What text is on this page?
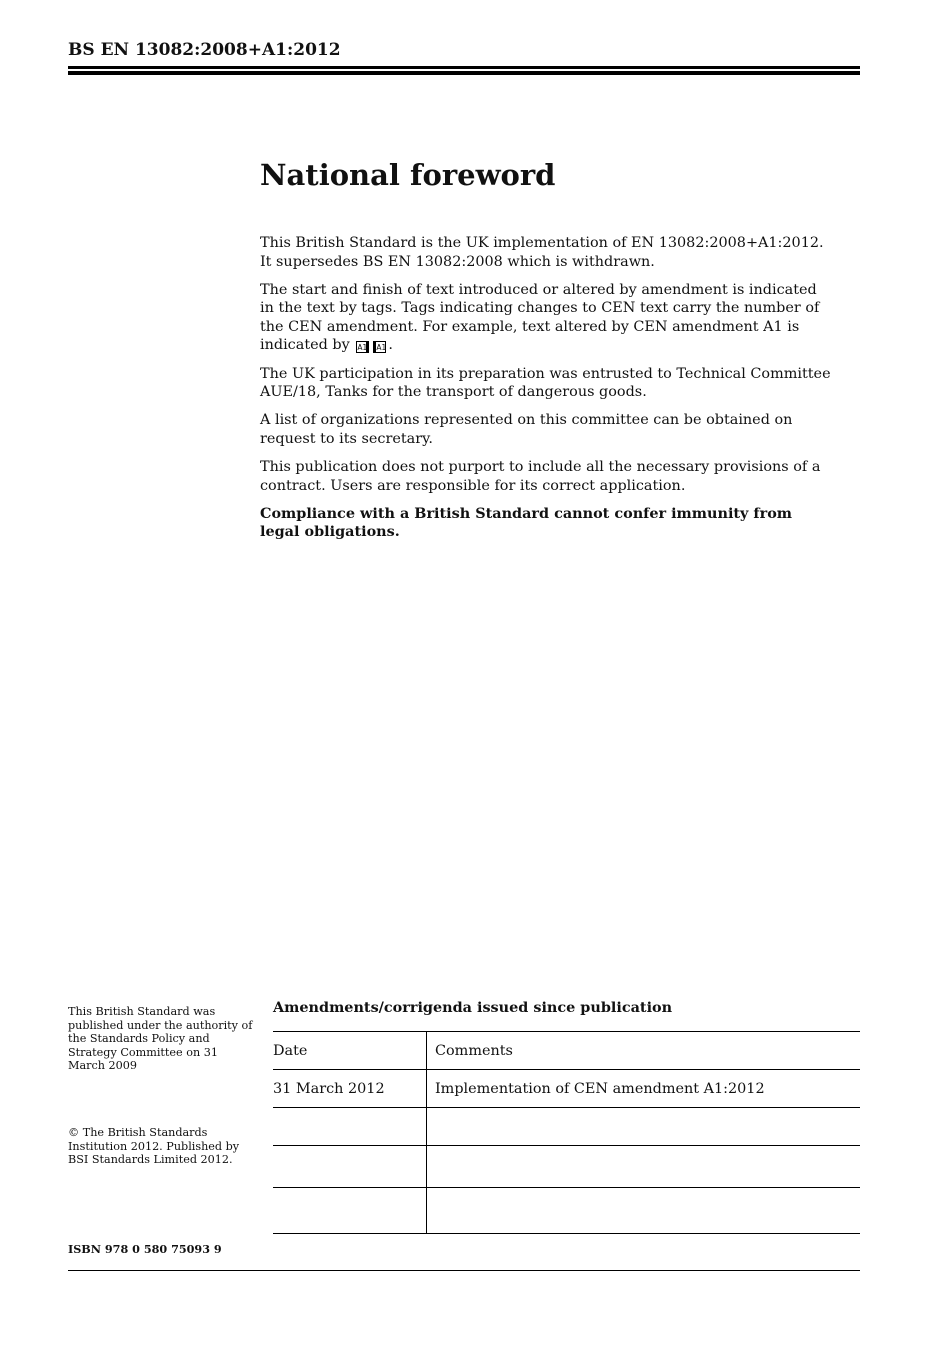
BS EN 13082:2008+A1:2012
National foreword

This British Standard is the UK implementation of EN 13082:2008+A1:2012. It supersedes BS EN 13082:2008 which is withdrawn.

The start and finish of text introduced or altered by amendment is indicated in the text by tags. Tags indicating changes to CEN text carry the number of the CEN amendment. For example, text altered by CEN amendment A1 is indicated by A1 A1 .

The UK participation in its preparation was entrusted to Technical Committee AUE/18, Tanks for the transport of dangerous goods.

A list of organizations represented on this committee can be obtained on request to its secretary.

This publication does not purport to include all the necessary provisions of a contract. Users are responsible for its correct application.

Compliance with a British Standard cannot confer immunity from legal obligations.

This British Standard was published under the authority of the Standards Policy and Strategy Committee on 31 March 2009
© The British Standards Institution 2012. Published by BSI Standards Limited 2012.
ISBN 978 0 580 75093 9
Amendments/corrigenda issued since publication
Date	Comments
31 March 2012	Implementation of CEN amendment A1:2012
